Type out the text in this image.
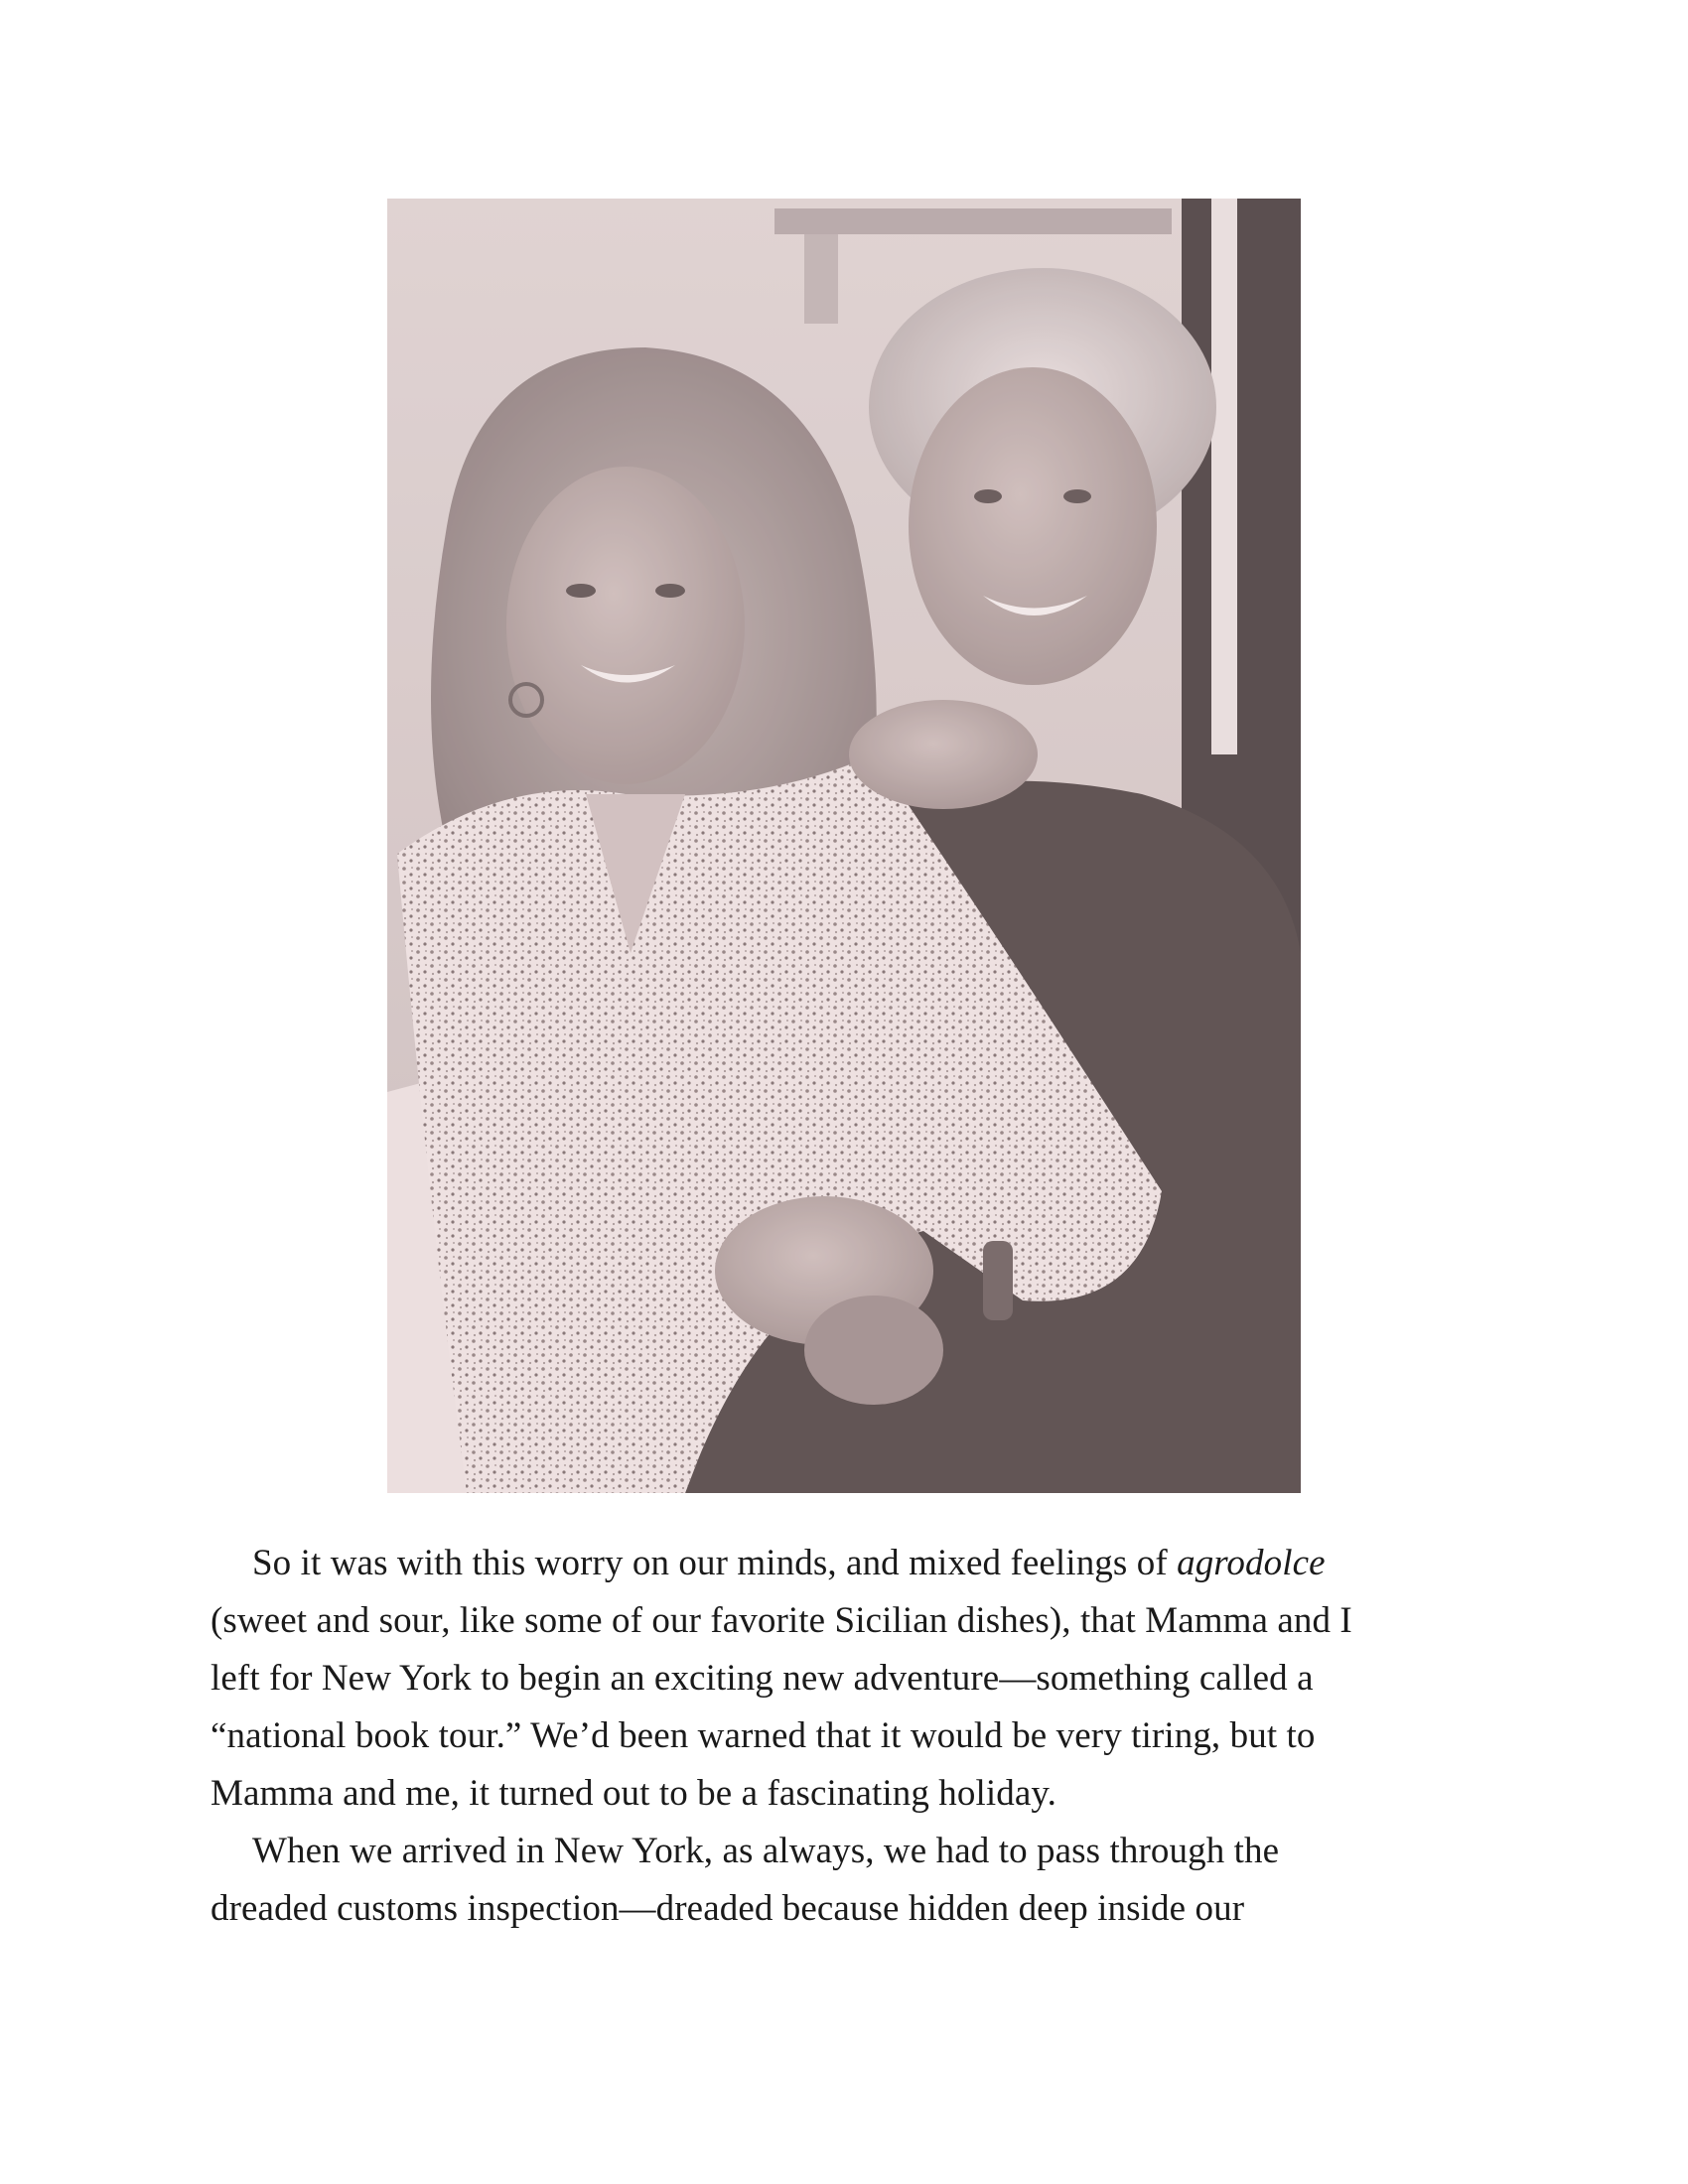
So it was with this worry on our minds, and mixed feelings of agrodolce
(sweet and sour, like some of our favorite Sicilian dishes), that Mamma and I
left for New York to begin an exciting new adventure—something called a
“national book tour.” We’d been warned that it would be very tiring, but to
Mamma and me, it turned out to be a fascinating holiday.

When we arrived in New York, as always, we had to pass through the
dreaded customs inspection—dreaded because hidden deep inside our
